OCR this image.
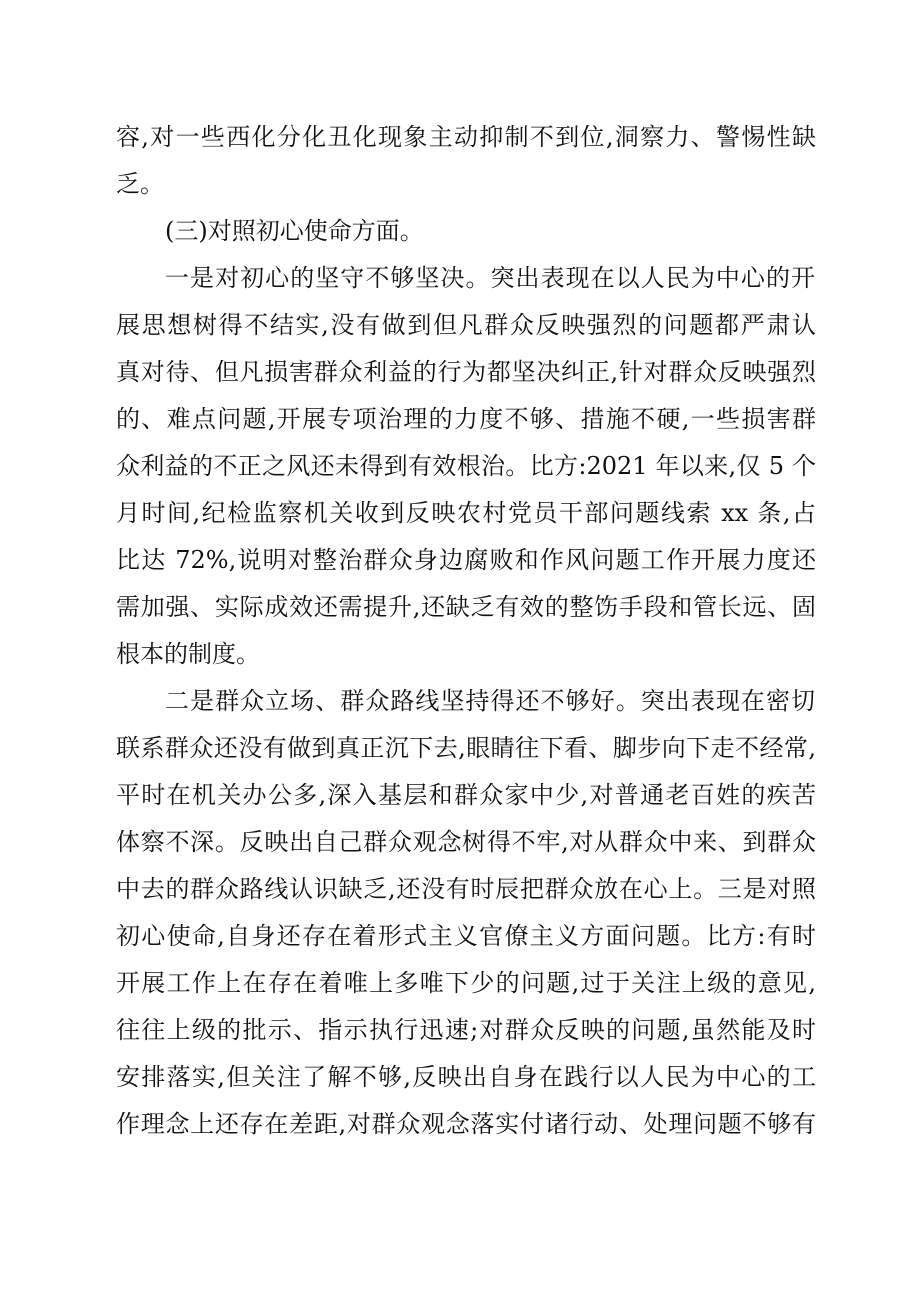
容,对一些西化分化丑化现象主动抑制不到位,洞察力、警惕性缺
乏。
(三)对照初心使命方面。
一是对初心的坚守不够坚决。突出表现在以人民为中心的开
展思想树得不结实,没有做到但凡群众反映强烈的问题都严肃认
真对待、但凡损害群众利益的行为都坚决纠正,针对群众反映强烈
的、难点问题,开展专项治理的力度不够、措施不硬,一些损害群
众利益的不正之风还未得到有效根治。比方:2021 年以来,仅 5 个
月时间,纪检监察机关收到反映农村党员干部问题线索 xx 条,占
比达 72%,说明对整治群众身边腐败和作风问题工作开展力度还
需加强、实际成效还需提升,还缺乏有效的整饬手段和管长远、固
根本的制度。
二是群众立场、群众路线坚持得还不够好。突出表现在密切
联系群众还没有做到真正沉下去,眼睛往下看、脚步向下走不经常,
平时在机关办公多,深入基层和群众家中少,对普通老百姓的疾苦
体察不深。反映出自己群众观念树得不牢,对从群众中来、到群众
中去的群众路线认识缺乏,还没有时辰把群众放在心上。三是对照
初心使命,自身还存在着形式主义官僚主义方面问题。比方:有时
开展工作上在存在着唯上多唯下少的问题,过于关注上级的意见,
往往上级的批示、指示执行迅速;对群众反映的问题,虽然能及时
安排落实,但关注了解不够,反映出自身在践行以人民为中心的工
作理念上还存在差距,对群众观念落实付诸行动、处理问题不够有
